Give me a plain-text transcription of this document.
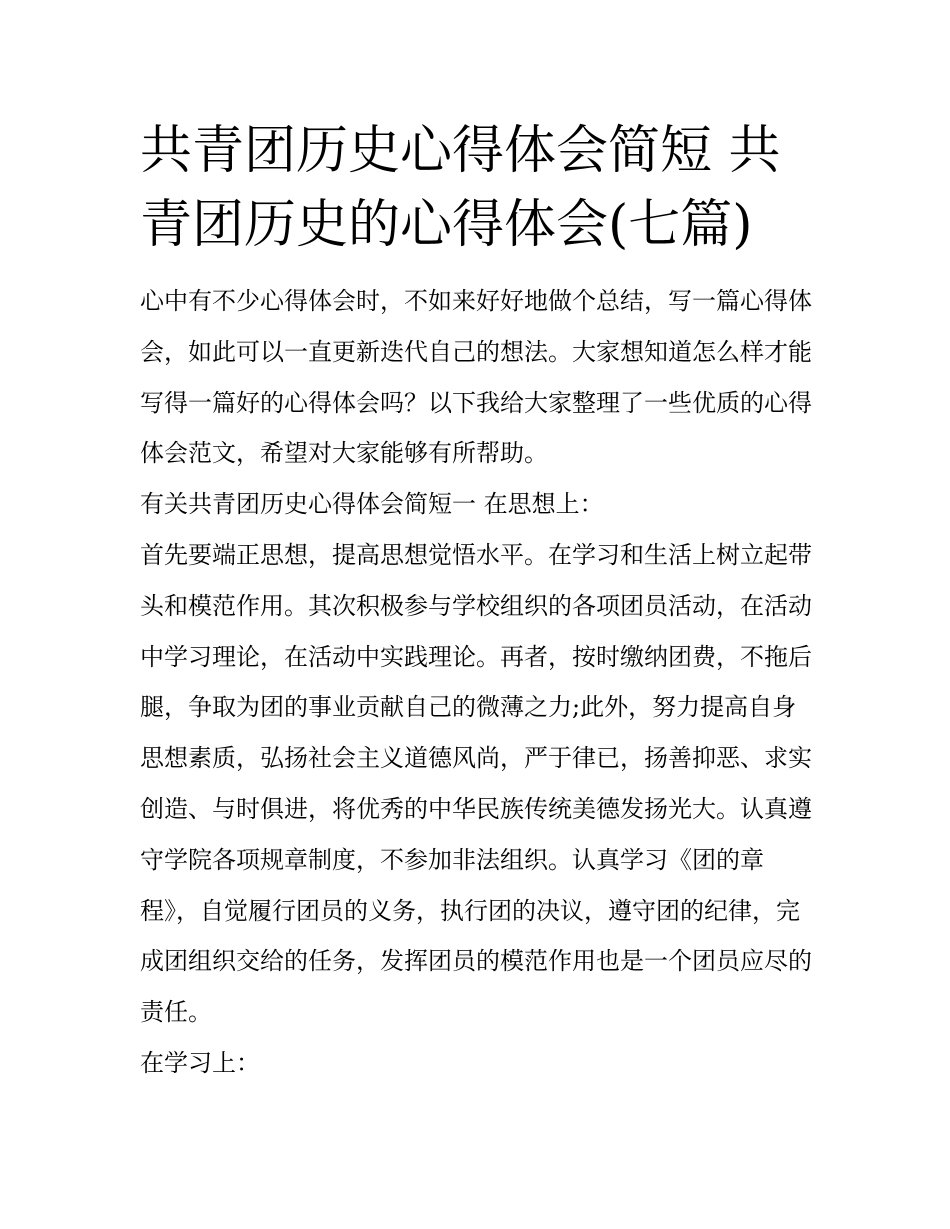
共青团历史心得体会简短 共青团历史的心得体会(七篇)

心中有不少心得体会时，不如来好好地做个总结，写一篇心得体会，如此可以一直更新迭代自己的想法。大家想知道怎么样才能写得一篇好的心得体会吗？以下我给大家整理了一些优质的心得体会范文，希望对大家能够有所帮助。

有关共青团历史心得体会简短一 在思想上：

首先要端正思想，提高思想觉悟水平。在学习和生活上树立起带头和模范作用。其次积极参与学校组织的各项团员活动，在活动中学习理论，在活动中实践理论。再者，按时缴纳团费，不拖后腿，争取为团的事业贡献自己的微薄之力;此外，努力提高自身思想素质，弘扬社会主义道德风尚，严于律已，扬善抑恶、求实创造、与时俱进，将优秀的中华民族传统美德发扬光大。认真遵守学院各项规章制度，不参加非法组织。认真学习《团的章程》，自觉履行团员的义务，执行团的决议，遵守团的纪律，完成团组织交给的任务，发挥团员的模范作用也是一个团员应尽的责任。

在学习上：
